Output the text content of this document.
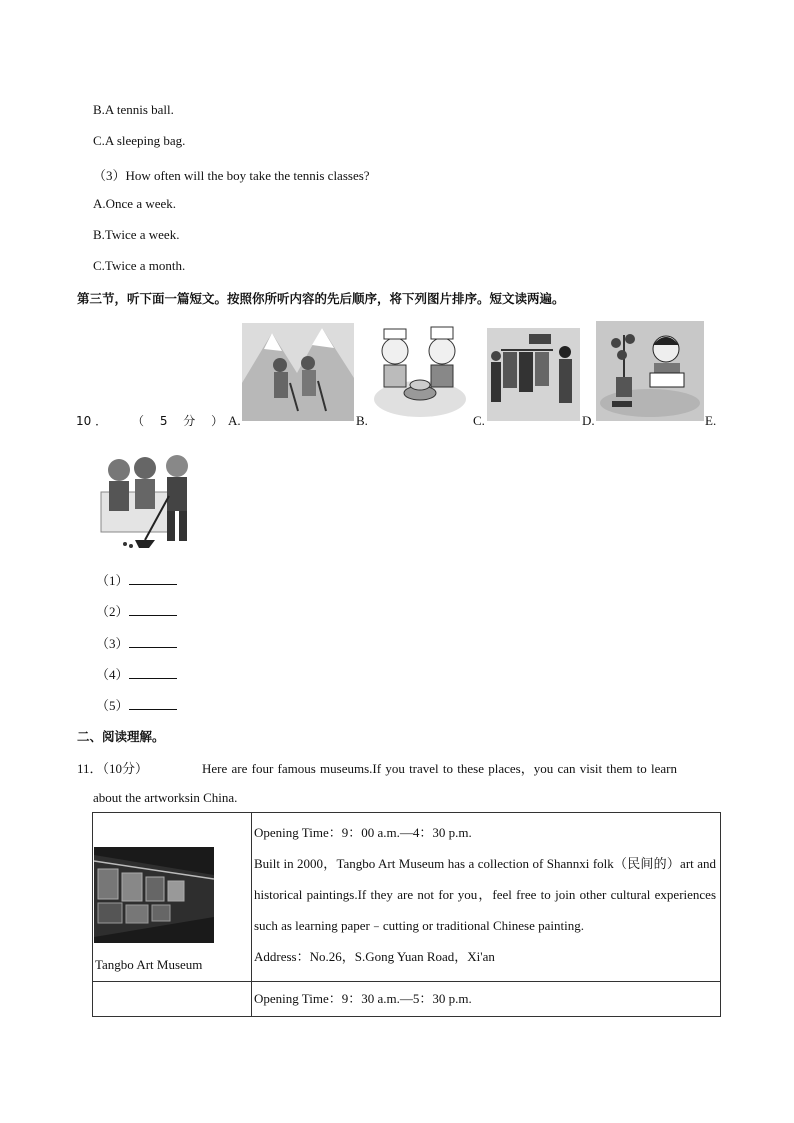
B.A tennis ball.
C.A sleeping bag.
（3）How often will the boy take the tennis classes?
A.Once a week.
B.Twice a week.
C.Twice a month.
第三节，听下面一篇短文。按照你所听内容的先后顺序，将下列图片排序。短文读两遍。
10 ． （ 5 分 ）
A.	B.	C.	D.	E.
（1）
（2）
（3）
（4）
（5）
二、阅读理解。
11．（10分）	Here are four famous museums.If you travel to these places，you can visit them to learn
about the artworksin China.
Tangbo Art Museum	Opening Time：9：00 a.m.—4：30 p.m.
Built in 2000，Tangbo Art Museum has a collection of Shannxi folk（民间的）art and historical paintings.If they are not for you，feel free to join other cultural experiences such as learning paper﹣cutting or traditional Chinese painting.
Address：No.26，S.Gong Yuan Road，Xi'an

	Opening Time：9：30 a.m.—5：30 p.m.
